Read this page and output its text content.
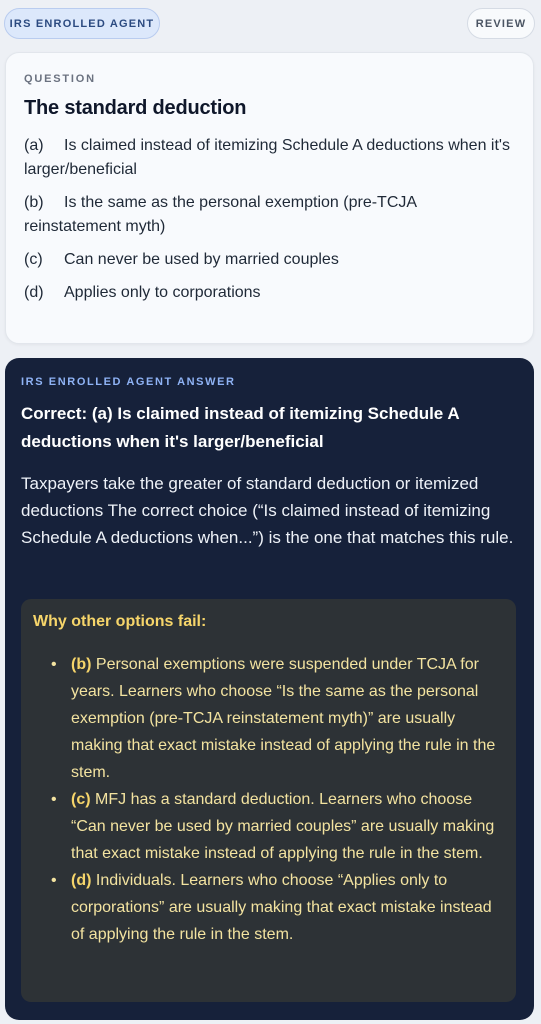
IRS ENROLLED AGENT	REVIEW
QUESTION
The standard deduction
(a) Is claimed instead of itemizing Schedule A deductions when it's larger/beneficial
(b) Is the same as the personal exemption (pre-TCJA reinstatement myth)
(c) Can never be used by married couples
(d) Applies only to corporations
IRS ENROLLED AGENT ANSWER
Correct: (a) Is claimed instead of itemizing Schedule A deductions when it's larger/beneficial
Taxpayers take the greater of standard deduction or itemized deductions The correct choice (“Is claimed instead of itemizing Schedule A deductions when...”) is the one that matches this rule.
Why other options fail:
• (b) Personal exemptions were suspended under TCJA for years. Learners who choose “Is the same as the personal exemption (pre-TCJA reinstatement myth)” are usually making that exact mistake instead of applying the rule in the stem.
• (c) MFJ has a standard deduction. Learners who choose “Can never be used by married couples” are usually making that exact mistake instead of applying the rule in the stem.
• (d) Individuals. Learners who choose “Applies only to corporations” are usually making that exact mistake instead of applying the rule in the stem.
